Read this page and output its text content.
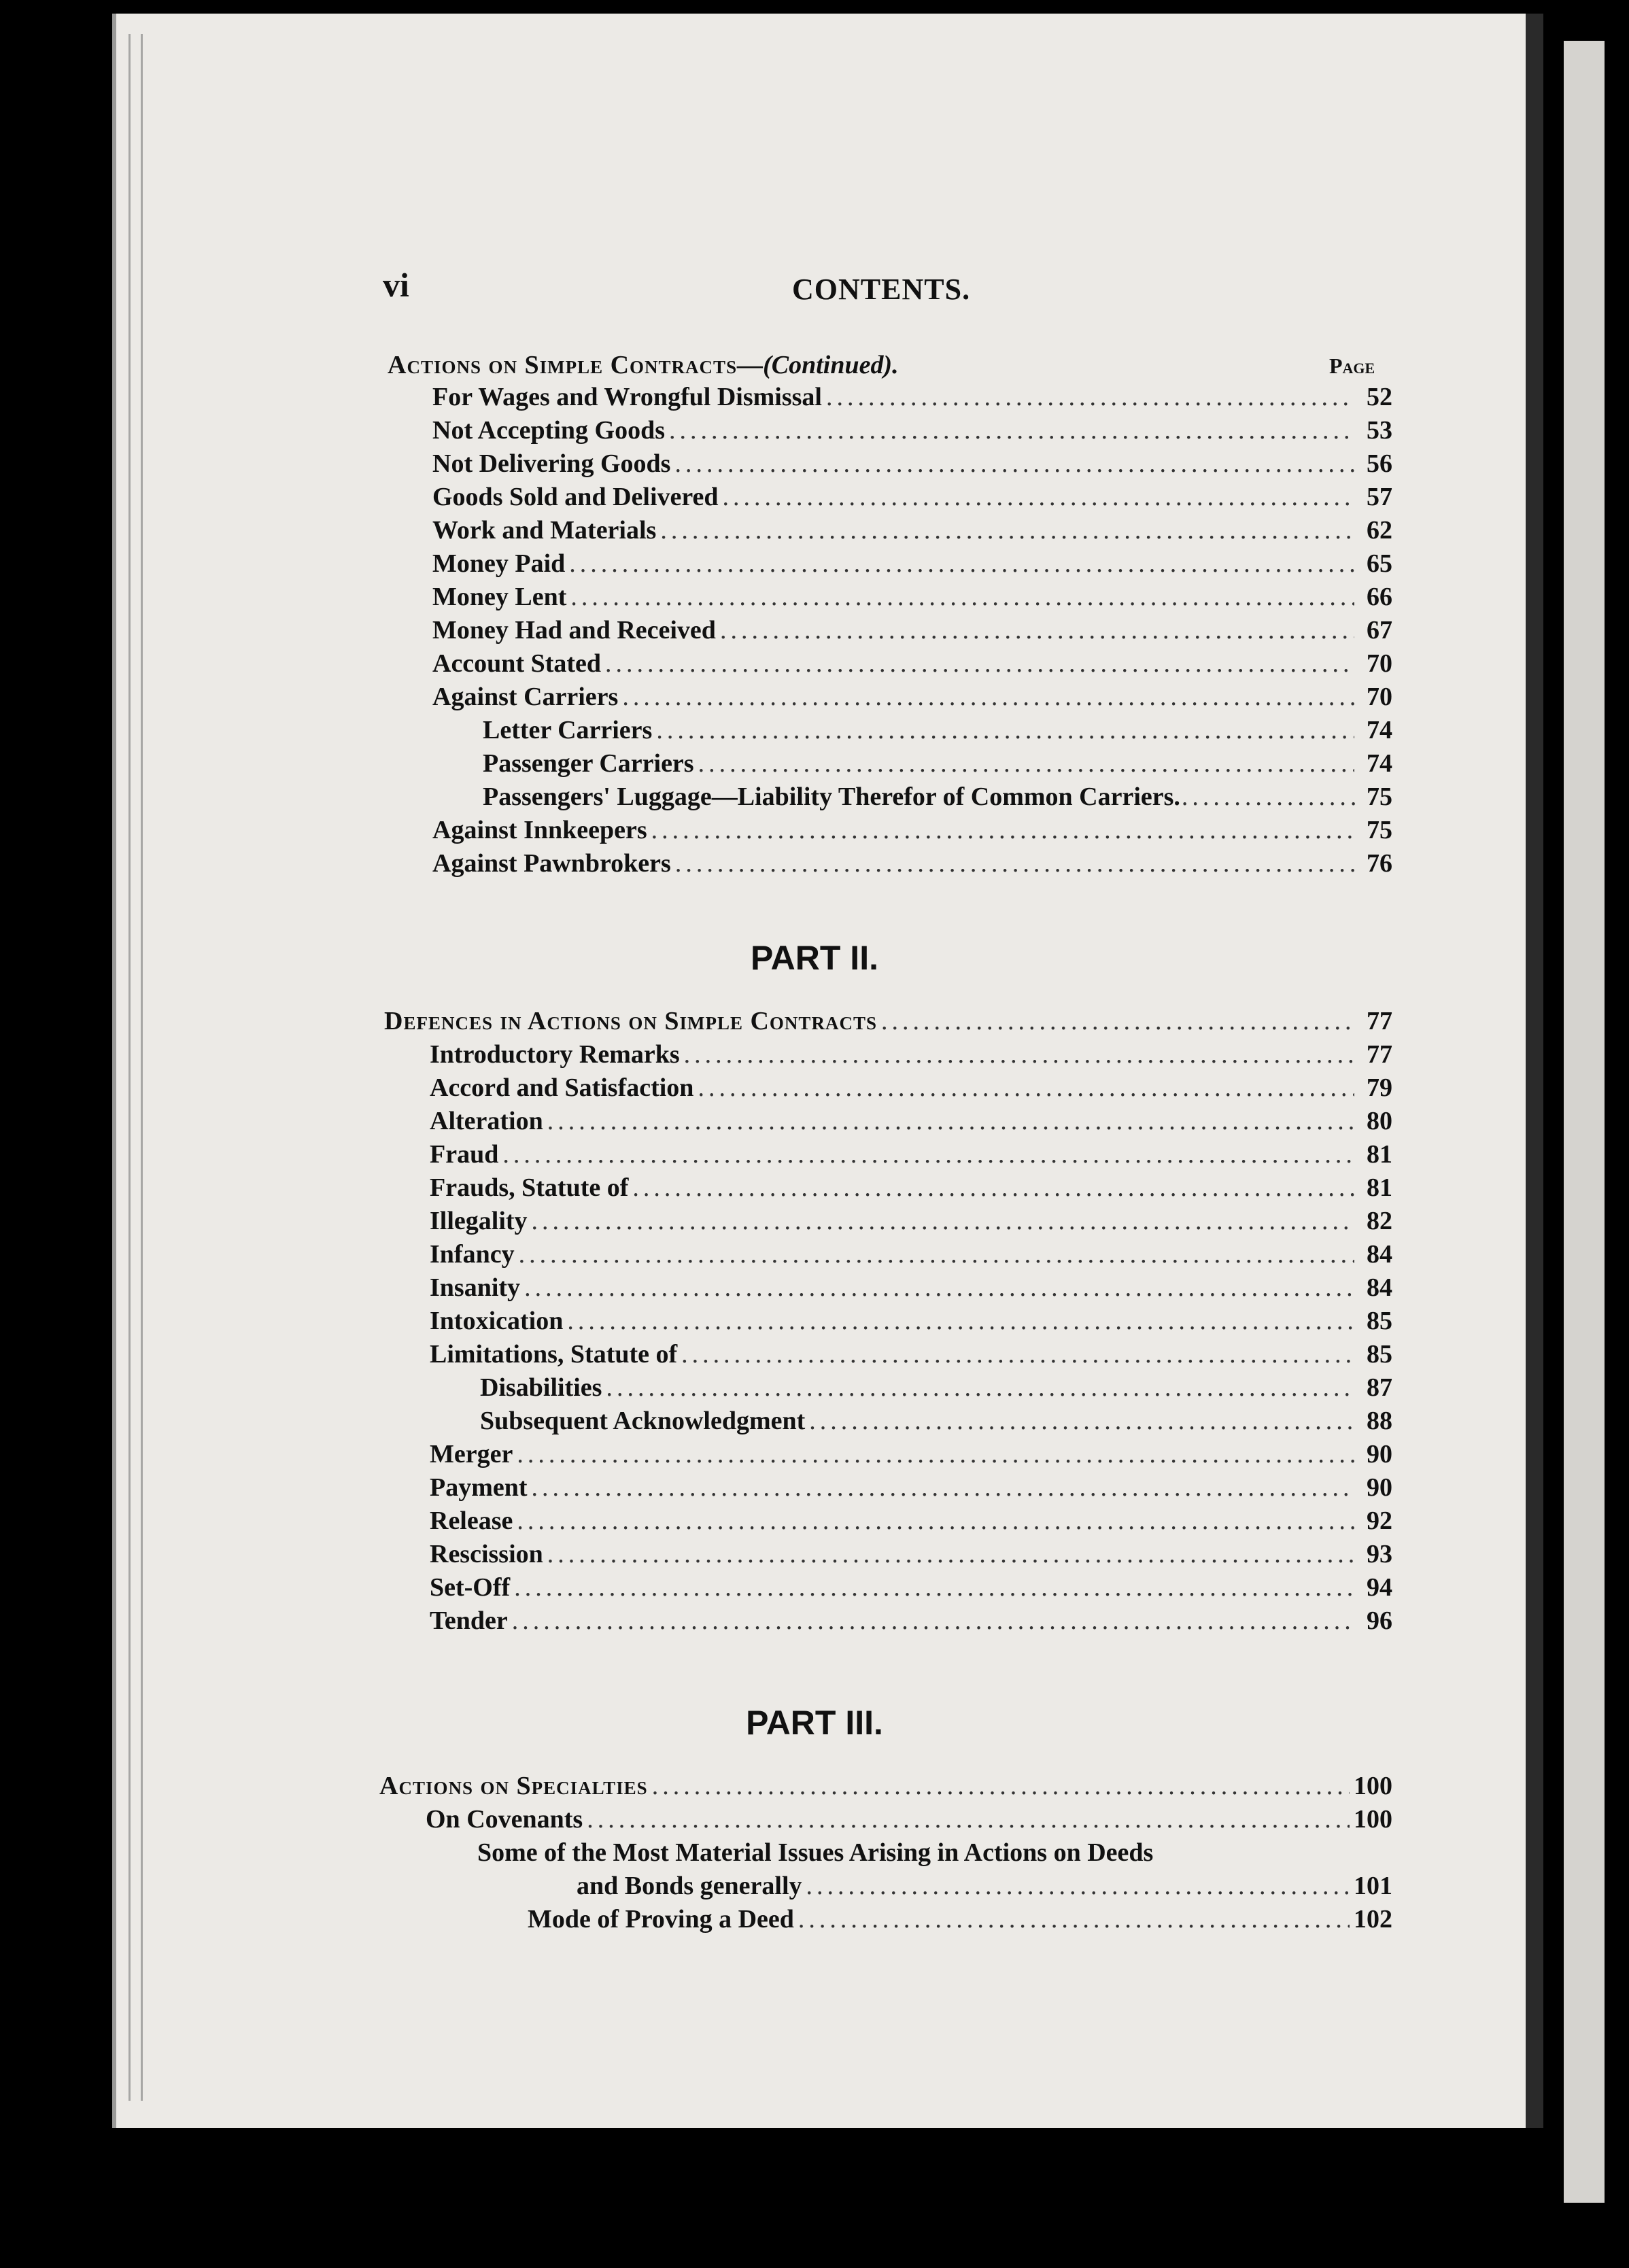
vi	CONTENTS.
Actions on Simple Contracts—(Continued).	Page
For Wages and Wrongful Dismissal .....	52
Not Accepting Goods .....	53
Not Delivering Goods .....	56
Goods Sold and Delivered .....	57
Work and Materials .....	62
Money Paid .....	65
Money Lent .....	66
Money Had and Received .....	67
Account Stated .....	70
Against Carriers .....	70
Letter Carriers .....	74
Passenger Carriers .....	74
Passengers' Luggage—Liability Therefor of Common Carriers. .....	75
Against Innkeepers .....	75
Against Pawnbrokers .....	76
PART II.
Defences in Actions on Simple Contracts .....	77
Introductory Remarks .....	77
Accord and Satisfaction .....	79
Alteration .....	80
Fraud .....	81
Frauds, Statute of .....	81
Illegality .....	82
Infancy .....	84
Insanity .....	84
Intoxication .....	85
Limitations, Statute of .....	85
Disabilities .....	87
Subsequent Acknowledgment .....	88
Merger .....	90
Payment .....	90
Release .....	92
Rescission .....	93
Set-Off .....	94
Tender .....	96
PART III.
Actions on Specialties .....	100
On Covenants .....	100
Some of the Most Material Issues Arising in Actions on Deeds
and Bonds generally .....	101
Mode of Proving a Deed .....	102
